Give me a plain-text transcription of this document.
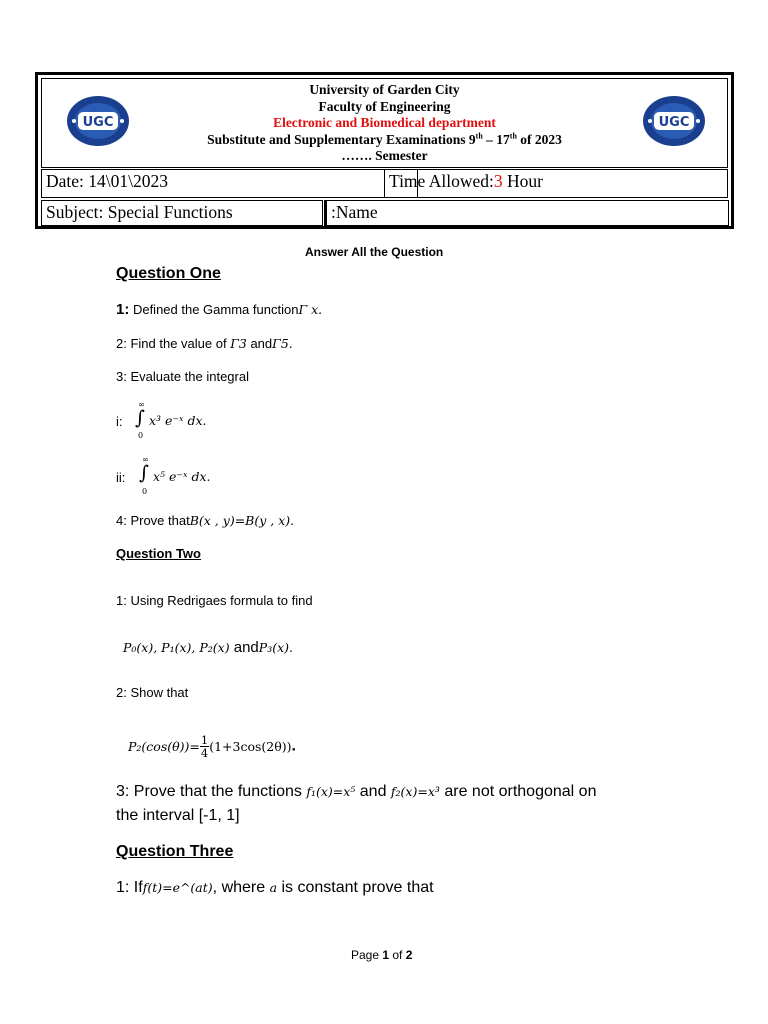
UGC
University of Garden City
Faculty of Engineering
Electronic and Biomedical department
Substitute and Supplementary Examinations 9th – 17th of 2023
……. Semester
UGC
Date: 14\01\2023	Time Allowed:3 Hour
Subject: Special Functions	:Name
Answer All the Question
Question One
1: Defined the Gamma functionΓ x.
2: Find the value of Γ3 andΓ5.
3: Evaluate the integral
i:
∞
∫
0
x³ e⁻ˣ dx.
ii:
∞
∫
0
x⁵ e⁻ˣ dx.
4: Prove thatB(x , y)=B(y , x).
Question Two
1: Using Redrigaes formula to find
P₀(x), P₁(x), P₂(x) andP₃(x).
2: Show that
$P_2(\cos(\theta))= \frac{1}{4} (1+3\cos(2\theta))$.
3: Prove that the functions f₁(x)=x⁵ and f₂(x)=x³ are not orthogonal on
the interval [-1, 1]
Question Three
1: Iff(t)=e^(at), where a is constant prove that
Page 1 of 2
